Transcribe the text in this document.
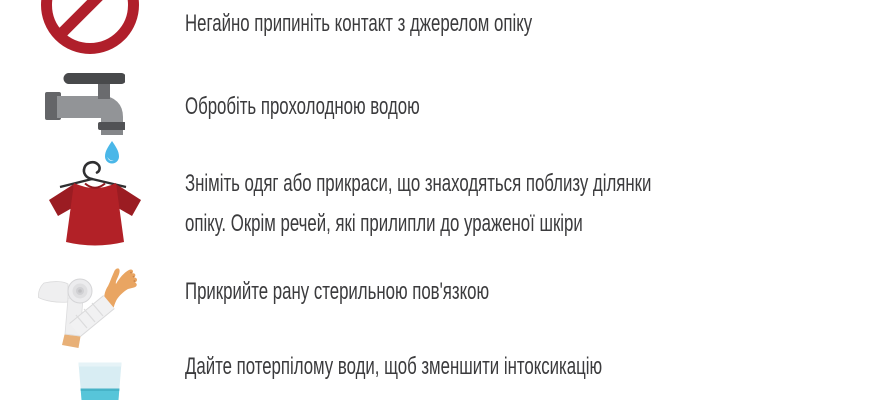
Негайно припиніть контакт з джерелом опіку
Обробіть прохолодною водою
Зніміть одяг або прикраси, що знаходяться поблизу ділянки
опіку. Окрім речей, які прилипли до ураженої шкіри
Прикрийте рану стерильною пов'язкою
Дайте потерпілому води, щоб зменшити інтоксикацію
